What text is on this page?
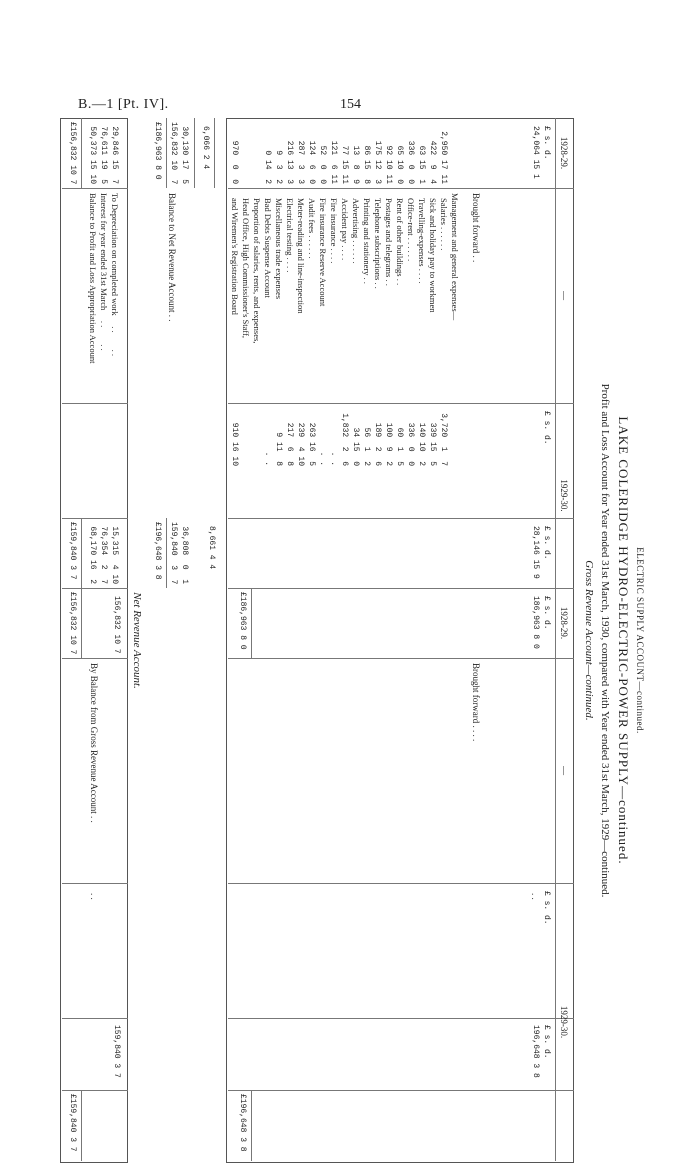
B.—1 [Pt. IV].	154
ELECTRIC SUPPLY ACCOUNT—continued.
LAKE COLERIDGE HYDRO-ELECTRIC-POWER SUPPLY—continued.
Profit and Loss Account for Year ended 31st March, 1930, compared with Year ended 31st March, 1929—continued.
Gross Revenue Account—continued.
1928-29.
—
1929-30.
1928-29.
—
1929-30.
£ s. d.
£ s. d.
£ s. d.
£ s. d.
£ s. d.
£ s. d.
24,064 15 1
Brought forward . .
28,146 15 9
Management and general expenses—
Salaries . . . . . .
Sick and holiday pay to workmen
Travelling-expenses . . . .
Office-rent . . . . . .
Rent of other buildings . .
Postages and telegrams . .
Telephone subscriptions . .
Printing and stationery . .
Advertising . . . . . .
Accident pay . . . .
Fire insurance . . . .
Fire insurance Reserve Account
Audit fees . . . . . .
Meter-reading and line-inspection
Electrical testing . . . .
Miscellaneous trade expenses
Bad Debts Suspense Account
Proportion of salaries, rents, and expenses,
Head Office, High Commissioner's Staff,
and Wiremen's Registration Board
2,950 17 11
422  9  4
63 15  1
336  0  0
65 10  0
92 10 11
175 12  3
86 15  8
13  8  9
77 15 11
121  6 11
52  0  0
124  6  0
287  3  3
216 13  3
9  3  2
0 14  2

970  0  0
3,720  1  7
339 15  5
140 10  2
336  0  0
60  1  5
100  9  2
189  2  6
56  1  2
34 15  0
1,832  2  6
. .
. .
263 16  5
239  4 10
217  6  8
9 11  8
. .

910 16 10
6,066 2 4
8,661 4 4
30,130 17  5
156,832 10  7
Balance to Net Revenue Account . .
36,808  0  1
159,840  3  7
£186,963 8 0
£196,648 3 8
186,963 8 0
Brought forward . . . .
. .
196,648 3 8
£186,963 8 0
£196,648 3 8
Net Revenue Account.
29,846 15  7
76,611 19  5
50,373 15 10
To Depreciation on completed work     . .        . .
Interest for year ended 31st March     . .        . .
Balance to Profit and Loss Appropriation Account
15,315  4 10
76,354  2  7
68,170 16  2
£156,832 10 7
£159,840 3 7
156,832 10 7
By Balance from Gross Revenue Account . .
. .
159,840 3 7
£156,832 10 7
£159,840 3 7
